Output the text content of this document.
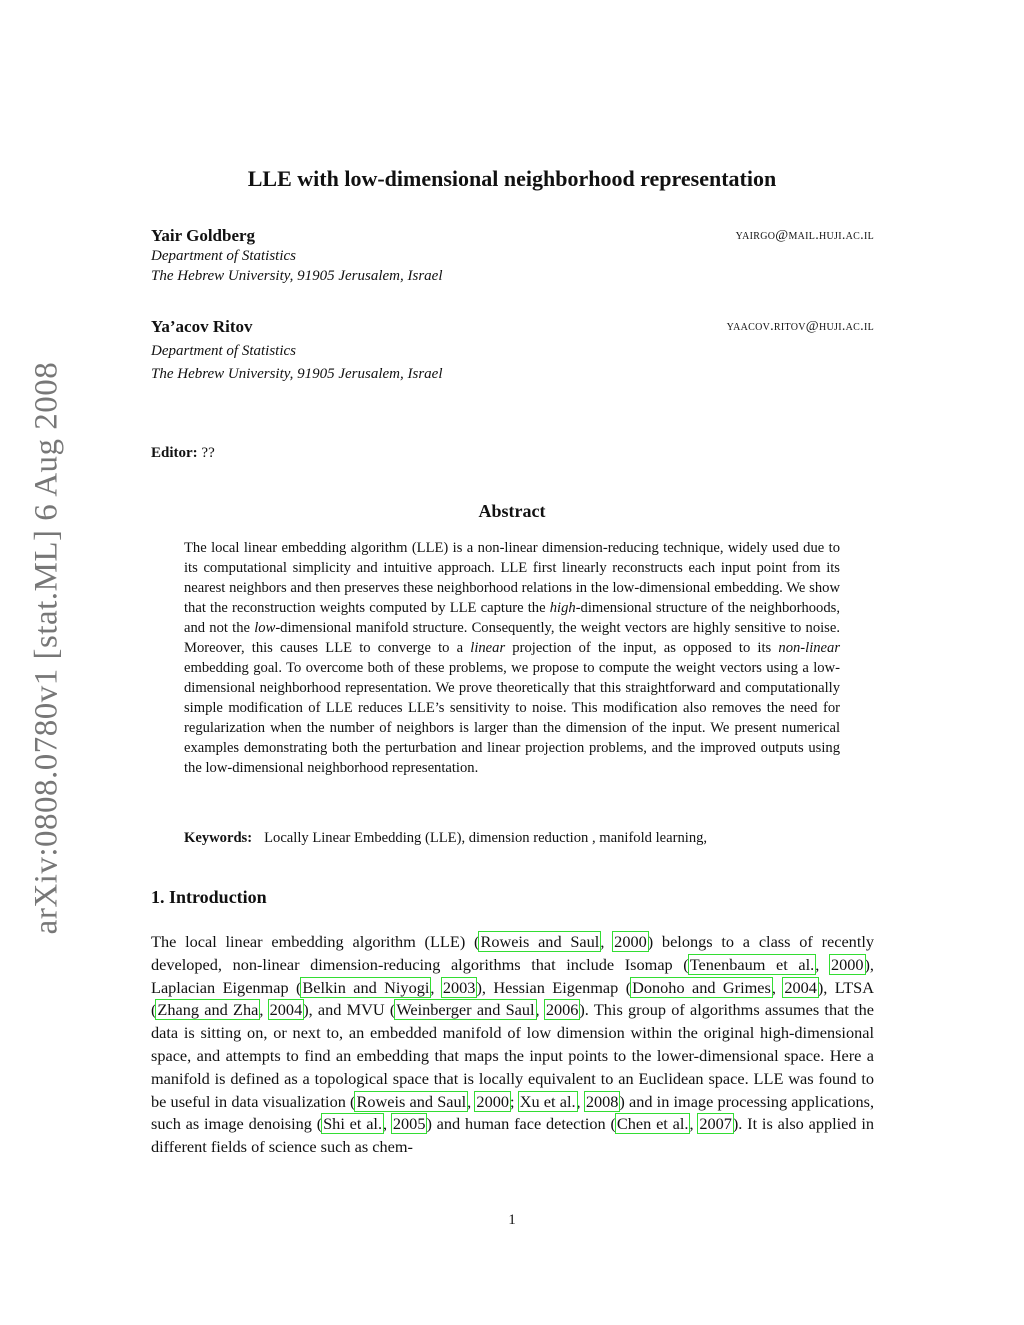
arXiv:0808.0780v1 [stat.ML] 6 Aug 2008
LLE with low-dimensional neighborhood representation
Yair Goldberg	yairgo@mail.huji.ac.il
Department of Statistics
The Hebrew University, 91905 Jerusalem, Israel
Ya’acov Ritov	yaacov.ritov@huji.ac.il
Department of Statistics
The Hebrew University, 91905 Jerusalem, Israel
Editor: ??
Abstract
The local linear embedding algorithm (LLE) is a non-linear dimension-reducing technique, widely used due to its computational simplicity and intuitive approach. LLE first linearly reconstructs each input point from its nearest neighbors and then preserves these neighborhood relations in the low-dimensional embedding. We show that the reconstruction weights computed by LLE capture the high-dimensional structure of the neighborhoods, and not the low-dimensional manifold structure. Consequently, the weight vectors are highly sensitive to noise. Moreover, this causes LLE to converge to a linear projection of the input, as opposed to its non-linear embedding goal. To overcome both of these problems, we propose to compute the weight vectors using a low-dimensional neighborhood representation. We prove theoretically that this straightforward and computationally simple modification of LLE reduces LLE’s sensitivity to noise. This modification also removes the need for regularization when the number of neighbors is larger than the dimension of the input. We present numerical examples demonstrating both the perturbation and linear projection problems, and the improved outputs using the low-dimensional neighborhood representation.
Keywords: Locally Linear Embedding (LLE), dimension reduction , manifold learning,
1. Introduction
The local linear embedding algorithm (LLE) (Roweis and Saul, 2000) belongs to a class of recently developed, non-linear dimension-reducing algorithms that include Isomap (Tenenbaum et al., 2000), Laplacian Eigenmap (Belkin and Niyogi, 2003), Hessian Eigenmap (Donoho and Grimes, 2004), LTSA (Zhang and Zha, 2004), and MVU (Weinberger and Saul, 2006). This group of algorithms assumes that the data is sitting on, or next to, an embedded manifold of low dimension within the original high-dimensional space, and attempts to find an embedding that maps the input points to the lower-dimensional space. Here a manifold is defined as a topological space that is locally equivalent to an Euclidean space. LLE was found to be useful in data visualization (Roweis and Saul, 2000; Xu et al., 2008) and in image processing applications, such as image denoising (Shi et al., 2005) and human face detection (Chen et al., 2007). It is also applied in different fields of science such as chem-
1
